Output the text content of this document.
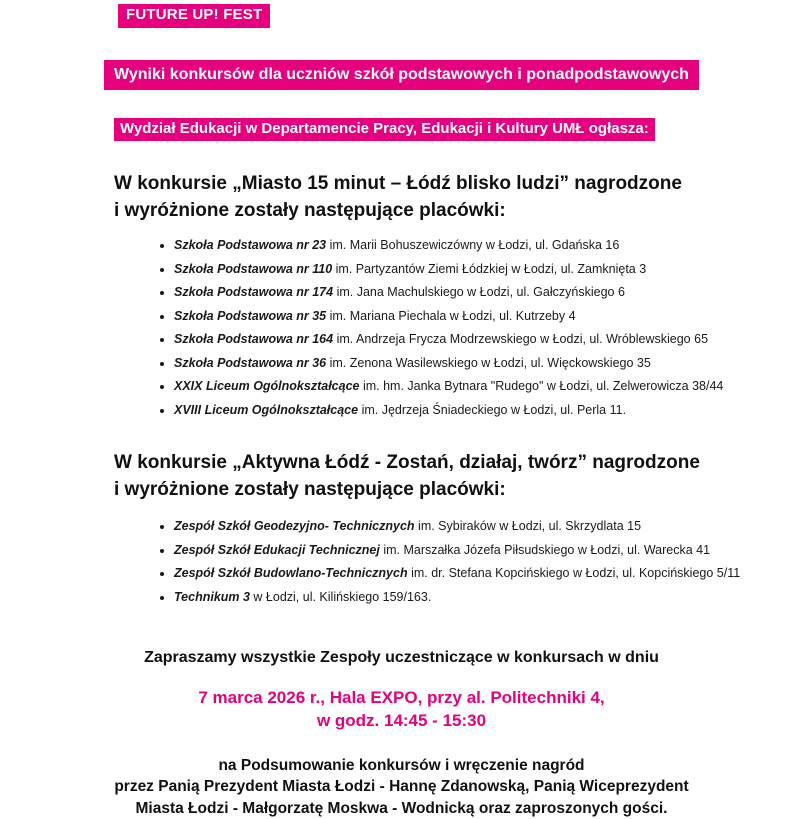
FUTURE UP! FEST
Wyniki konkursów dla uczniów szkół podstawowych i ponadpodstawowych
Wydział Edukacji w Departamencie Pracy, Edukacji i Kultury UMŁ ogłasza:
W konkursie „Miasto 15 minut – Łódź blisko ludzi” nagrodzone
i wyróżnione zostały następujące placówki:
Szkoła Podstawowa nr 23 im. Marii Bohuszewiczówny w Łodzi, ul. Gdańska 16
Szkoła Podstawowa nr 110 im. Partyzantów Ziemi Łódzkiej w Łodzi, ul. Zamknięta 3
Szkoła Podstawowa nr 174 im. Jana Machulskiego w Łodzi, ul. Gałczyńskiego 6
Szkoła Podstawowa nr 35 im. Mariana Piechala w Łodzi, ul. Kutrzeby 4
Szkoła Podstawowa nr 164 im. Andrzeja Frycza Modrzewskiego w Łodzi, ul. Wróblewskiego 65
Szkoła Podstawowa nr 36 im. Zenona Wasilewskiego w Łodzi, ul. Więckowskiego 35
XXIX Liceum Ogólnokształcące im. hm. Janka Bytnara "Rudego" w Łodzi, ul. Zelwerowicza 38/44
XVIII Liceum Ogólnokształcące im. Jędrzeja Śniadeckiego w Łodzi, ul. Perla 11.
W konkursie „Aktywna Łódź - Zostań, działaj, twórz” nagrodzone
i wyróżnione zostały następujące placówki:
Zespół Szkół Geodezyjno- Technicznych im. Sybiraków w Łodzi, ul. Skrzydlata 15
Zespół Szkół Edukacji Technicznej im. Marszałka Józefa Piłsudskiego w Łodzi, ul. Warecka 41
Zespół Szkół Budowlano-Technicznych im. dr. Stefana Kopcińskiego w Łodzi, ul. Kopcińskiego 5/11
Technikum 3 w Łodzi, ul. Kilińskiego 159/163.
Zapraszamy wszystkie Zespoły uczestniczące w konkursach w dniu
7 marca 2026 r., Hala EXPO, przy al. Politechniki 4,
w godz. 14:45 - 15:30
na Podsumowanie konkursów i wręczenie nagród
przez Panią Prezydent Miasta Łodzi - Hannę Zdanowską, Panią Wiceprezydent
Miasta Łodzi - Małgorzatę Moskwa - Wodnicką oraz zaproszonych gości.
